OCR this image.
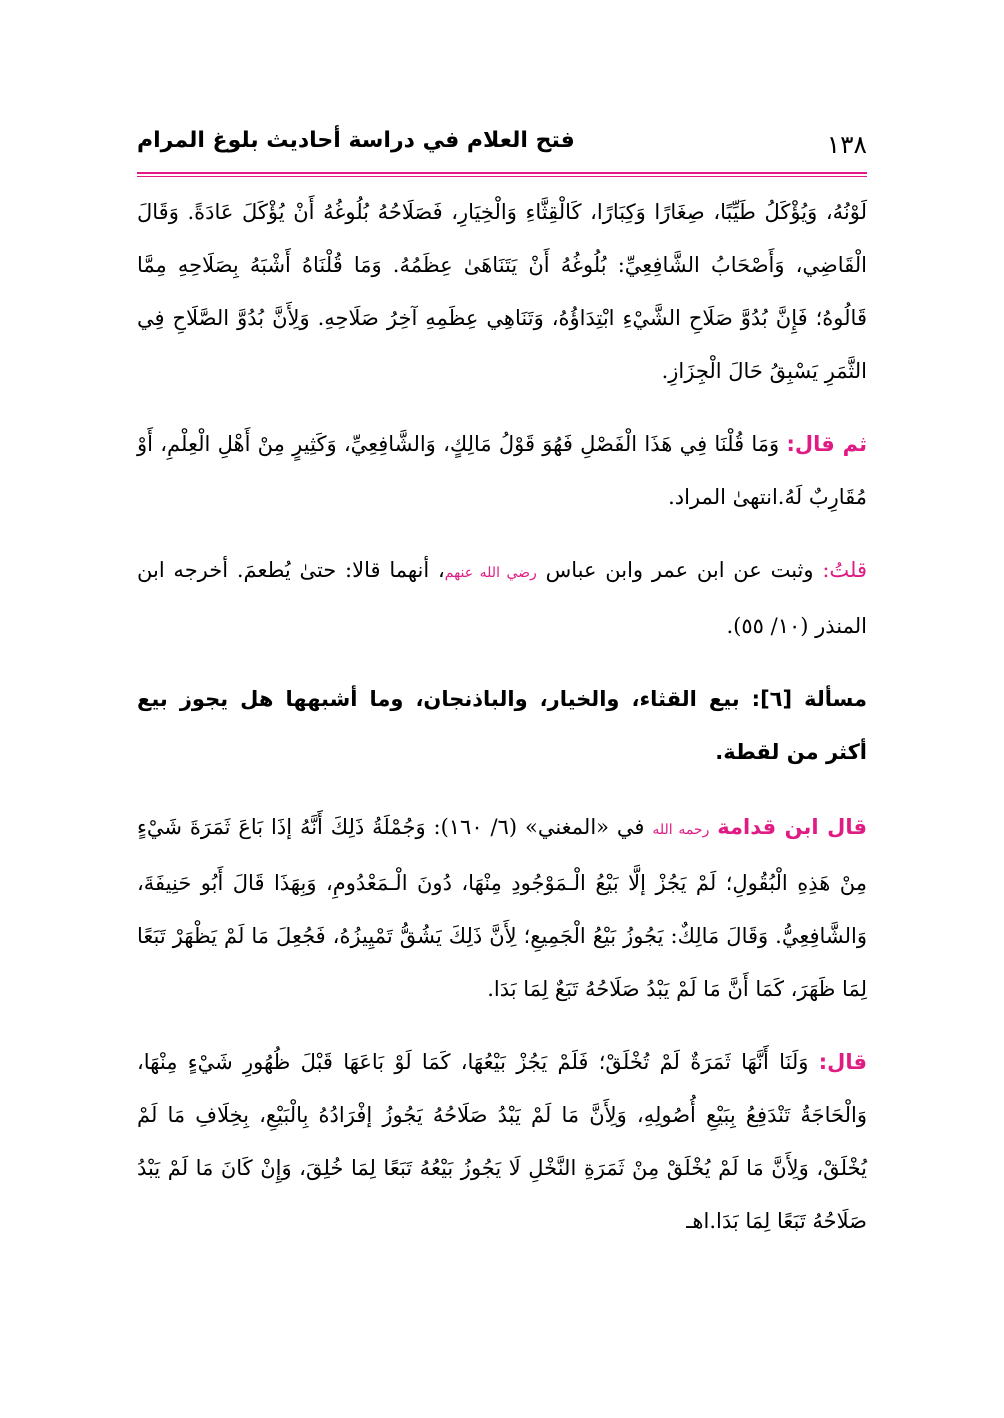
١٣٨
فتح العلام في دراسة أحاديث بلوغ المرام

لَوْنُهُ، وَيُؤْكَلُ طَيِّبًا، صِغَارًا وَكِبَارًا، كَالْقِثَّاءِ وَالْخِيَارِ، فَصَلَاحُهُ بُلُوغُهُ أَنْ يُؤْكَلَ عَادَةً. وَقَالَ الْقَاضِي، وَأَصْحَابُ الشَّافِعِيِّ: بُلُوغُهُ أَنْ يَتَنَاهَىٰ عِظَمُهُ. وَمَا قُلْنَاهُ أَشْبَهُ بِصَلَاحِهِ مِمَّا قَالُوهُ؛ فَإِنَّ بُدُوَّ صَلَاحِ الشَّيْءِ ابْتِدَاؤُهُ، وَتَنَاهِي عِظَمِهِ آخِرُ صَلَاحِهِ. وَلِأَنَّ بُدُوَّ الصَّلَاحِ فِي الثَّمَرِ يَسْبِقُ حَالَ الْجِزَازِ.

ثم قال: وَمَا قُلْنَا فِي هَذَا الْفَصْلِ فَهُوَ قَوْلُ مَالِكٍ، وَالشَّافِعِيِّ، وَكَثِيرٍ مِنْ أَهْلِ الْعِلْمِ، أَوْ مُقَارِبٌ لَهُ.انتهىٰ المراد.

قلتُ: وثبت عن ابن عمر وابن عباس رضي الله عنهم، أنهما قالا: حتىٰ يُطعمَ. أخرجه ابن المنذر (١٠/ ٥٥).

مسألة [٦]: بيع القثاء، والخيار، والباذنجان، وما أشبهها هل يجوز بيع أكثر من لقطة.

قال ابن قدامة رحمه الله في «المغني» (٦/ ١٦٠): وَجُمْلَةُ ذَلِكَ أَنَّهُ إذَا بَاعَ ثَمَرَةَ شَيْءٍ مِنْ هَذِهِ الْبُقُولِ؛ لَمْ يَجُزْ إلَّا بَيْعُ الْـمَوْجُودِ مِنْهَا، دُونَ الْـمَعْدُومِ، وَبِهَذَا قَالَ أَبُو حَنِيفَةَ، وَالشَّافِعِيُّ. وَقَالَ مَالِكٌ: يَجُوزُ بَيْعُ الْجَمِيعِ؛ لِأَنَّ ذَلِكَ يَشُقُّ تَمْيِيزُهُ، فَجُعِلَ مَا لَمْ يَظْهَرْ تَبَعًا لِمَا ظَهَرَ، كَمَا أَنَّ مَا لَمْ يَبْدُ صَلَاحُهُ تَبَعٌ لِمَا بَدَا.

قال: وَلَنَا أَنَّهَا ثَمَرَةٌ لَمْ تُخْلَقْ؛ فَلَمْ يَجُزْ بَيْعُهَا، كَمَا لَوْ بَاعَهَا قَبْلَ ظُهُورِ شَيْءٍ مِنْهَا، وَالْحَاجَةُ تَنْدَفِعُ بِبَيْعِ أُصُولِهِ، وَلِأَنَّ مَا لَمْ يَبْدُ صَلَاحُهُ يَجُوزُ إفْرَادُهُ بِالْبَيْعِ، بِخِلَافِ مَا لَمْ يُخْلَقْ، وَلِأَنَّ مَا لَمْ يُخْلَقْ مِنْ ثَمَرَةِ النَّخْلِ لَا يَجُوزُ بَيْعُهُ تَبَعًا لِمَا خُلِقَ، وَإِنْ كَانَ مَا لَمْ يَبْدُ صَلَاحُهُ تَبَعًا لِمَا بَدَا.اهـ
